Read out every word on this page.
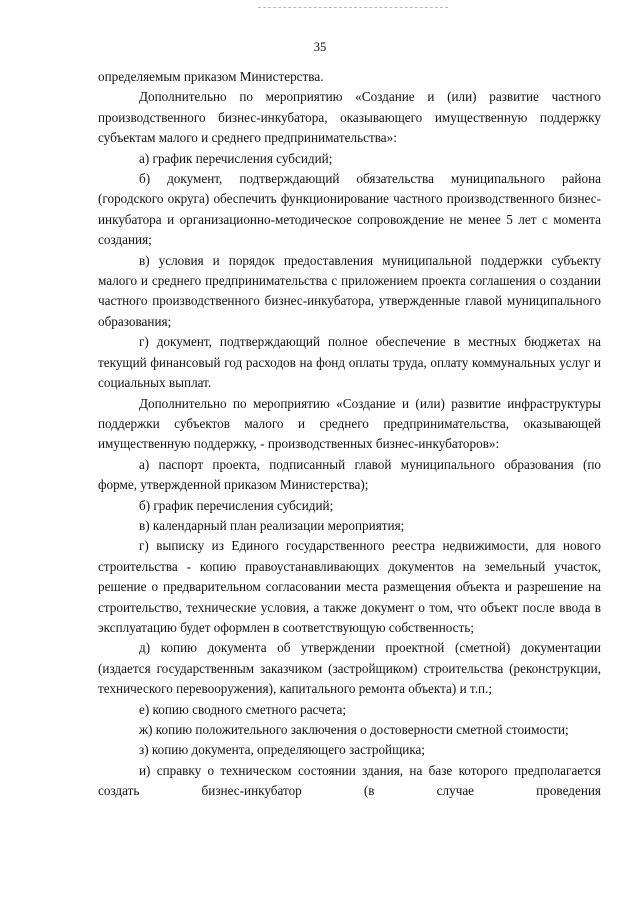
35

определяемым приказом Министерства.

Дополнительно по мероприятию «Создание и (или) развитие частного производственного бизнес-инкубатора, оказывающего имущественную поддержку субъектам малого и среднего предпринимательства»:

а) график перечисления субсидий;

б) документ, подтверждающий обязательства муниципального района (городского округа) обеспечить функционирование частного производственного бизнес-инкубатора и организационно-методическое сопровождение не менее 5 лет с момента создания;

в) условия и порядок предоставления муниципальной поддержки субъекту малого и среднего предпринимательства с приложением проекта соглашения о создании частного производственного бизнес-инкубатора, утвержденные главой муниципального образования;

г) документ, подтверждающий полное обеспечение в местных бюджетах на текущий финансовый год расходов на фонд оплаты труда, оплату коммунальных услуг и социальных выплат.

Дополнительно по мероприятию «Создание и (или) развитие инфраструктуры поддержки субъектов малого и среднего предпринимательства, оказывающей имущественную поддержку, - производственных бизнес-инкубаторов»:

а) паспорт проекта, подписанный главой муниципального образования (по форме, утвержденной приказом Министерства);

б) график перечисления субсидий;

в) календарный план реализации мероприятия;

г) выписку из Единого государственного реестра недвижимости, для нового строительства - копию правоустанавливающих документов на земельный участок, решение о предварительном согласовании места размещения объекта и разрешение на строительство, технические условия, а также документ о том, что объект после ввода в эксплуатацию будет оформлен в соответствующую собственность;

д) копию документа об утверждении проектной (сметной) документации (издается государственным заказчиком (застройщиком) строительства (реконструкции, технического перевооружения), капитального ремонта объекта) и т.п.;

е) копию сводного сметного расчета;

ж) копию положительного заключения о достоверности сметной стоимости;

з) копию документа, определяющего застройщика;

и) справку о техническом состоянии здания, на базе которого предполагается создать бизнес-инкубатор (в случае проведения
